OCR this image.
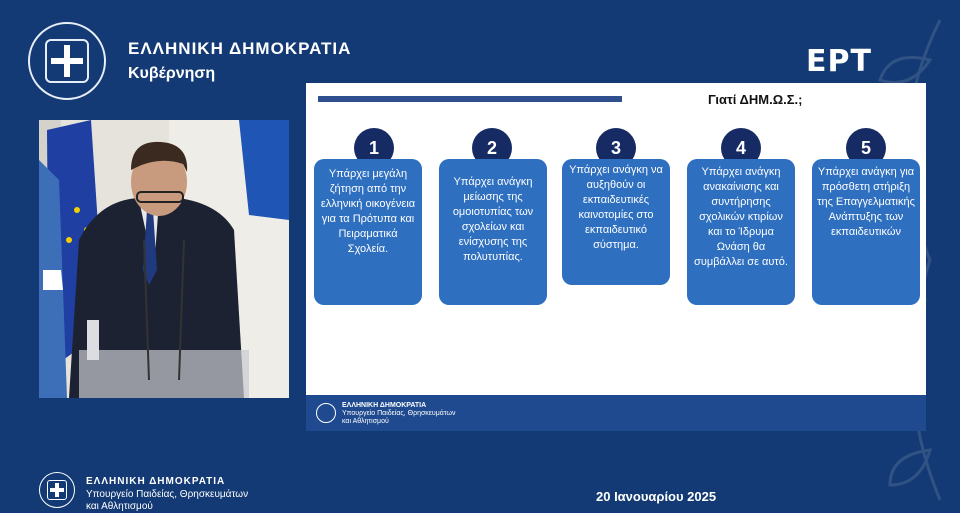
ΕΛΛΗΝΙΚΗ ΔΗΜΟΚΡΑΤΙΑ
Κυβέρνηση	ΕΡΤ
Γιατί ΔΗΜ.Ω.Σ.;
1
Υπάρχει μεγάλη ζήτηση από την ελληνική οικογένεια για τα Πρότυπα και Πειραματικά Σχολεία.
2
Υπάρχει ανάγκη μείωσης της ομοιοτυπίας των σχολείων και ενίσχυσης της πολυτυπίας.
3
Υπάρχει ανάγκη να αυξηθούν οι εκπαιδευτικές καινοτομίες στο εκπαιδευτικό σύστημα.
4
Υπάρχει ανάγκη ανακαίνισης και συντήρησης σχολικών κτιρίων και το Ίδρυμα Ωνάση θα συμβάλλει σε αυτό.
5
Υπάρχει ανάγκη για πρόσθετη στήριξη της Επαγγελματικής Ανάπτυξης των εκπαιδευτικών
ΕΛΛΗΝΙΚΗ ΔΗΜΟΚΡΑΤΙΑ
Υπουργείο Παιδείας, Θρησκευμάτων
και Αθλητισμού
ΕΛΛΗΝΙΚΗ ΔΗΜΟΚΡΑΤΙΑ
Υπουργείο Παιδείας, Θρησκευμάτων
και Αθλητισμού
20 Ιανουαρίου 2025
